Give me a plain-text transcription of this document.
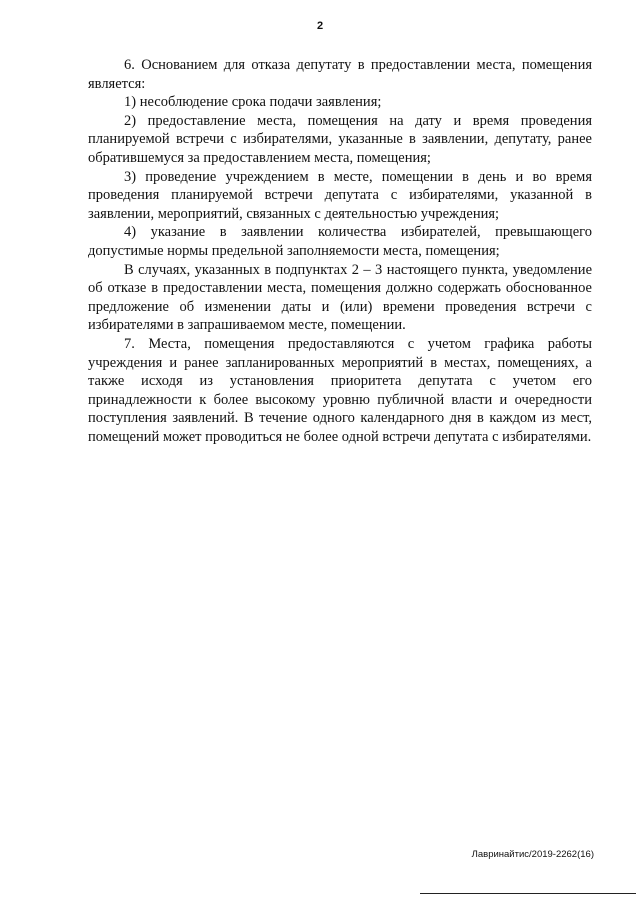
2

6. Основанием для отказа депутату в предоставлении места, помещения является:

1) несоблюдение срока подачи заявления;

2) предоставление места, помещения на дату и время проведения планируемой встречи с избирателями, указанные в заявлении, депутату, ранее обратившемуся за предоставлением места, помещения;

3) проведение учреждением в месте, помещении в день и во время проведения планируемой встречи депутата с избирателями, указанной в заявлении, мероприятий, связанных с деятельностью учреждения;

4) указание в заявлении количества избирателей, превышающего допустимые нормы предельной заполняемости места, помещения;

В случаях, указанных в подпунктах 2 – 3 настоящего пункта, уведомление об отказе в предоставлении места, помещения должно содержать обоснованное предложение об изменении даты и (или) времени проведения встречи с избирателями в запрашиваемом месте, помещении.

7. Места, помещения предоставляются с учетом графика работы учреждения и ранее запланированных мероприятий в местах, помещениях, а также исходя из установления приоритета депутата с учетом его принадлежности к более высокому уровню публичной власти и очередности поступления заявлений. В течение одного календарного дня в каждом из мест, помещений может проводиться не более одной встречи депутата с избирателями.

Лавринайтис/2019-2262(16)
